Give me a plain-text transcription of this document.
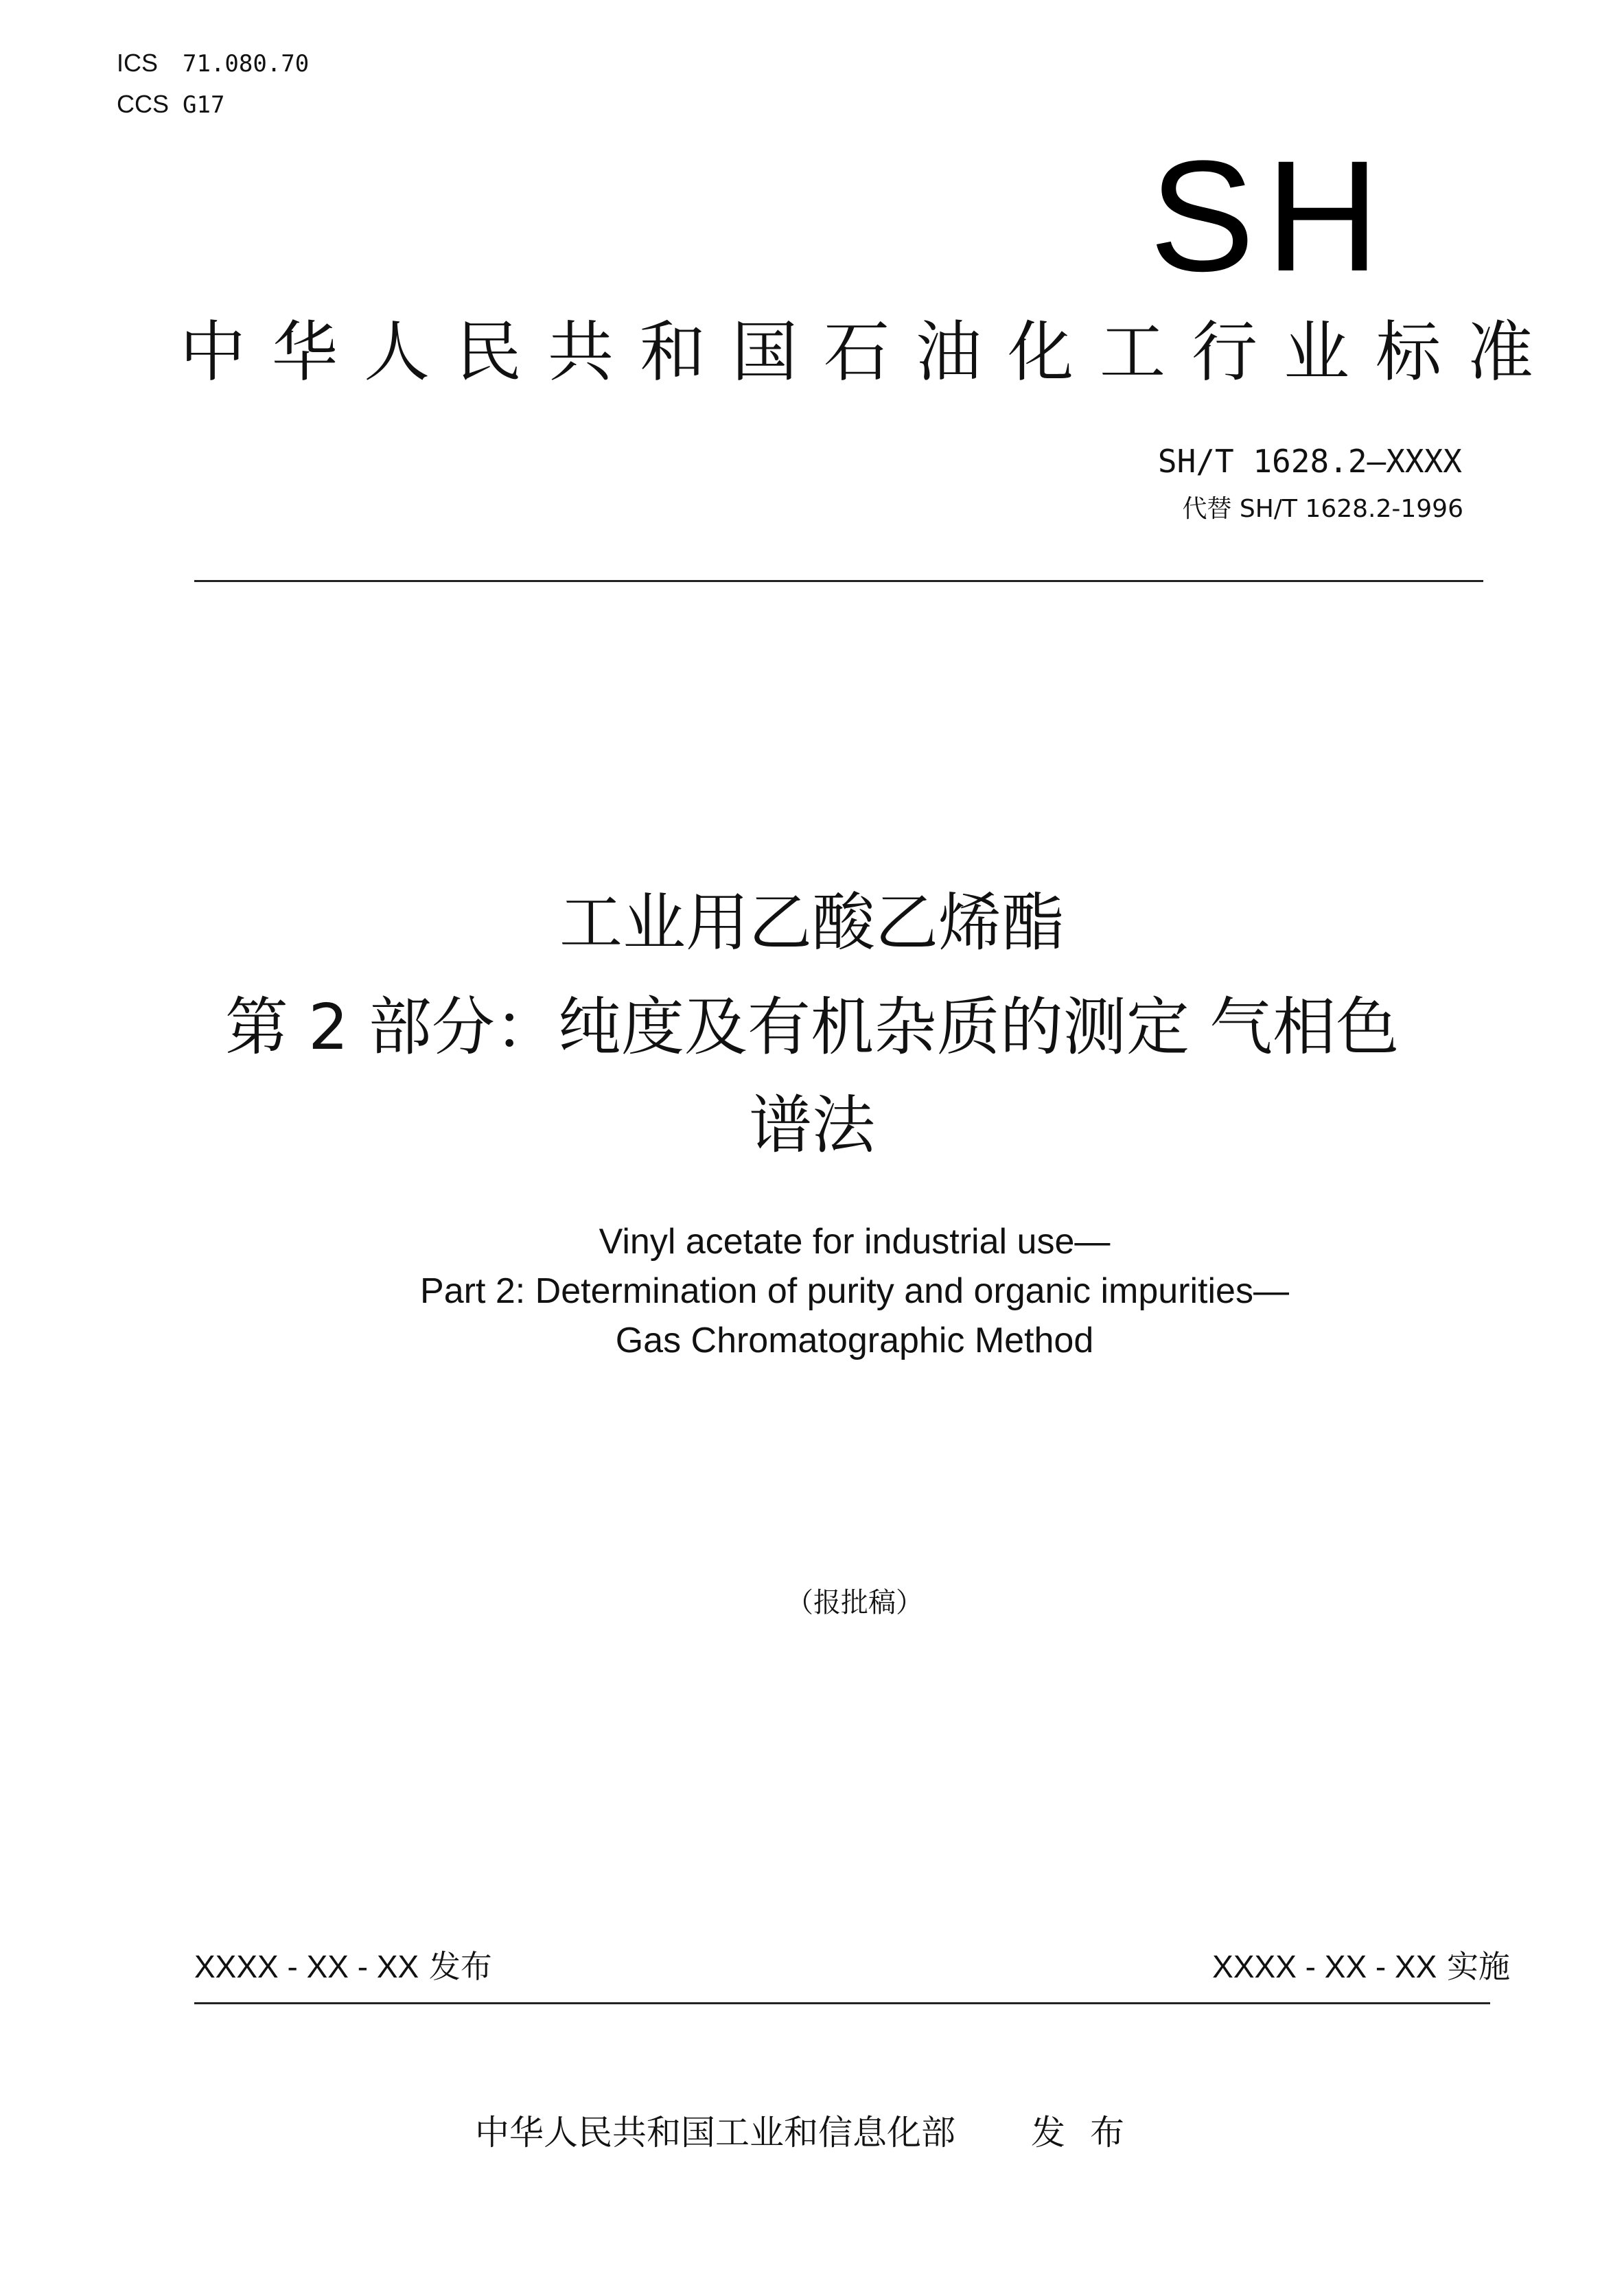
ICS 71.080.70
CCS G17
SH
中华人民共和国石油化工行业标准
SH/T 1628.2—XXXX
代替 SH/T 1628.2-1996
工业用乙酸乙烯酯
第 2 部分：纯度及有机杂质的测定 气相色
谱法
Vinyl acetate for industrial use—
Part 2: Determination of purity and organic impurities—
Gas Chromatographic Method
（报批稿）
XXXX - XX - XX 发布	XXXX - XX - XX 实施
中华人民共和国工业和信息化部 发布
